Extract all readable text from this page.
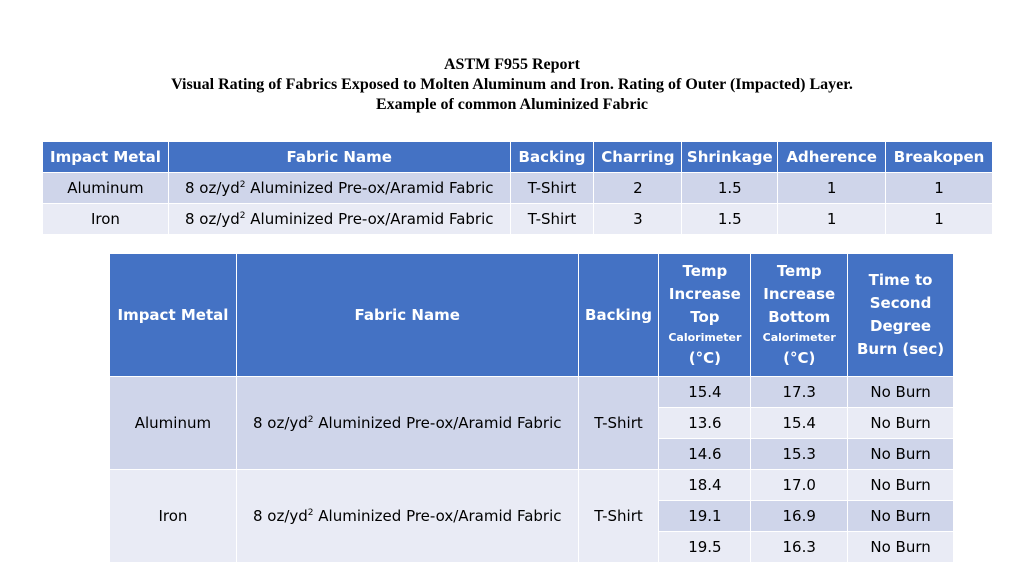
ASTM F955 Report
Visual Rating of Fabrics Exposed to Molten Aluminum and Iron. Rating of Outer (Impacted) Layer.
Example of common Aluminized Fabric
Impact Metal	Fabric Name	Backing	Charring	Shrinkage	Adherence	Breakopen
Aluminum	8 $oz/yd^2$ Aluminized Pre-ox/Aramid Fabric	T-Shirt	2	1.5	1	1
Iron	8 $oz/yd^2$ Aluminized Pre-ox/Aramid Fabric	T-Shirt	3	1.5	1	1
Impact Metal	Fabric Name	Backing	Temp
Increase
Top
Calorimeter
(°C)	Temp
Increase
Bottom
Calorimeter
(°C)	Time to
Second
Degree
Burn (sec)
Aluminum	8 $oz/yd^2$ Aluminized Pre-ox/Aramid Fabric	T-Shirt	15.4	17.3	No Burn
			13.6	15.4	No Burn
			14.6	15.3	No Burn
Iron	8 $oz/yd^2$ Aluminized Pre-ox/Aramid Fabric	T-Shirt	18.4	17.0	No Burn
			19.1	16.9	No Burn
			19.5	16.3	No Burn
